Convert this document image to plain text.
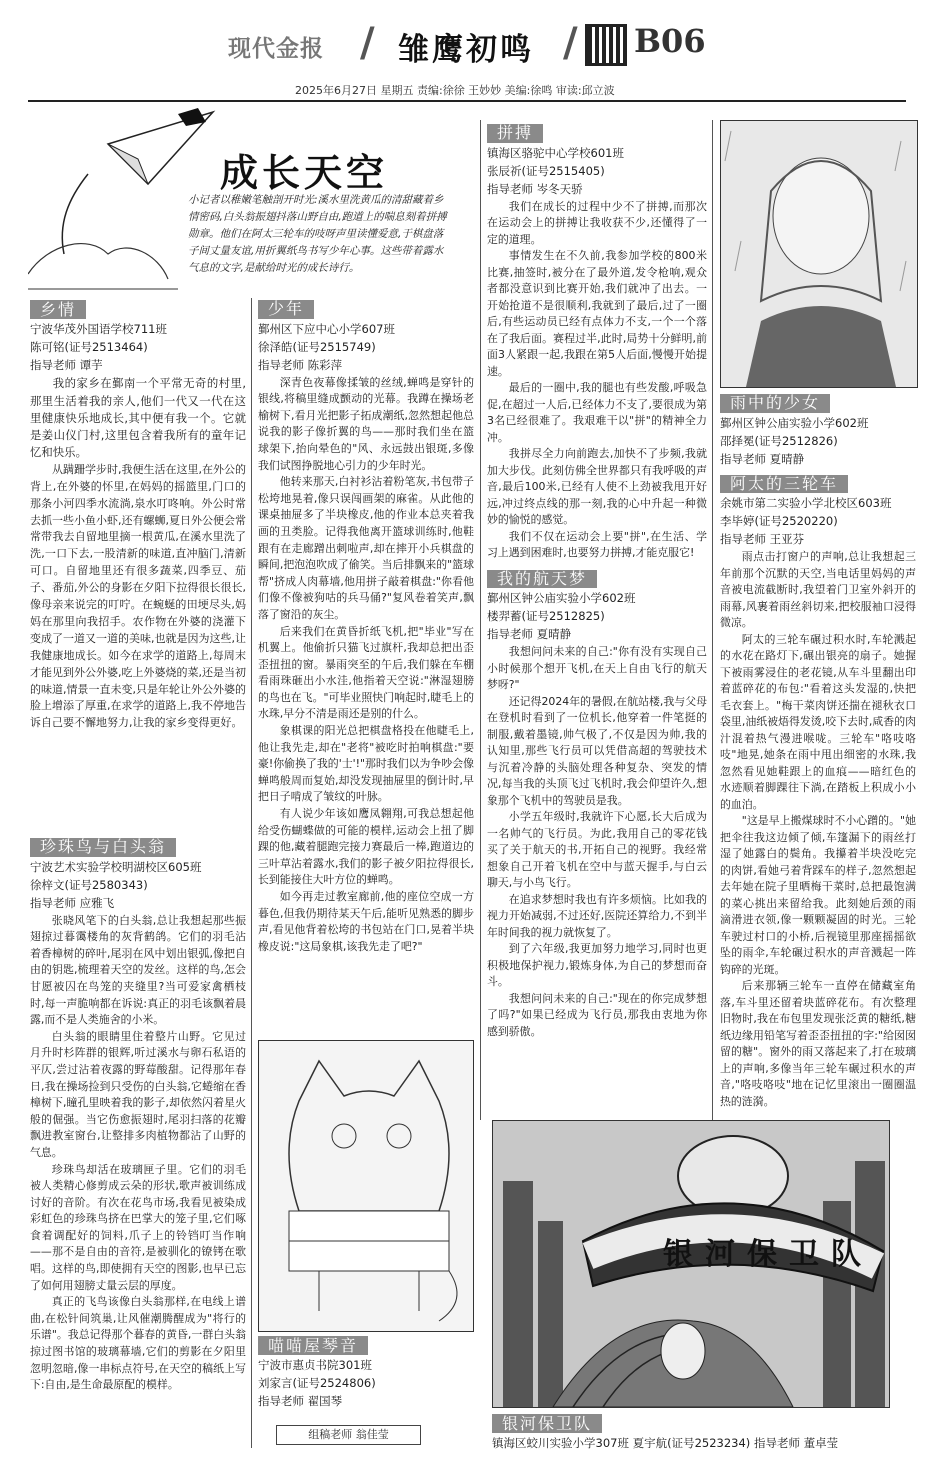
现代金报 / 雏鹰初鸣 / B06
2025年6月27日 星期五 责编:徐徐 王妙妙 美编:徐鸣 审读:邱立波
成长天空
小记者以稚嫩笔触剖开时光:溪水里洗黄瓜的清甜藏着乡情密码,白头翁振翅抖落山野自由,跑道上的喘息刻着拼搏勋章。他们在阿太三轮车的吱呀声里读懂爱意,于棋盘落子间丈量友谊,用折翼纸鸟书写少年心事。这些带着露水气息的文字,是献给时光的成长诗行。
乡情
宁波华茂外国语学校711班
陈可铭(证号2513464)
指导老师 谭芋

我的家乡在鄞南一个平常无奇的村里,那里生活着我的亲人,他们一代又一代在这里健康快乐地成长,其中便有我一个。它就是姜山仪门村,这里包含着我所有的童年记忆和快乐。

从蹒跚学步时,我便生活在这里,在外公的背上,在外婆的怀里,在妈妈的摇篮里,门口的那条小河四季水流淌,泉水叮咚响。外公时常去抓一些小鱼小虾,还有螺蛳,夏日外公便会常常带我去自留地里摘一根黄瓜,在溪水里洗了洗,一口下去,一股清新的味道,直冲脑门,清新可口。自留地里还有很多蔬菜,四季豆、茄子、番茄,外公的身影在夕阳下拉得很长很长,像母亲来说完的叮咛。在蜿蜒的田埂尽头,妈妈在那里向我招手。农作物在外婆的浇灌下变成了一道又一道的美味,也就是因为这些,让我健康地成长。如今在求学的道路上,每周末才能见到外公外婆,吃上外婆烧的菜,还是当初的味道,情景一直未变,只是年轮让外公外婆的脸上增添了厚重,在求学的道路上,我不停地告诉自己要不懈地努力,让我的家乡变得更好。

珍珠鸟与白头翁
宁波艺术实验学校明湖校区605班
徐梓文(证号2580343)
指导老师 应雅飞

张晓风笔下的白头翁,总让我想起那些振翅掠过暮霭楼角的灰背鹤鸽。它们的羽毛沾着香樟树的碎叶,尾羽在风中划出银弧,像把自由的钥匙,梳理着天空的发丝。这样的鸟,怎会甘愿被囚在鸟笼的夹缝里?当可爱家禽栖枝时,每一声脆响都在诉说:真正的羽毛该飘着晨露,而不是人类施舍的小米。

白头翁的眼睛里住着整片山野。它见过月升时杉阵群的银辉,听过溪水与卵石私语的平仄,尝过沾着夜露的野莓酸甜。记得那年春日,我在操场捡到只受伤的白头翁,它蜷缩在香樟树下,瞳孔里映着我的影子,却依然闪着星火般的倔强。当它伤愈振翅时,尾羽扫落的花瓣飘进教室窗台,让整排多肉植物都沾了山野的气息。

珍珠鸟却活在玻璃匣子里。它们的羽毛被人类精心修剪成云朵的形状,歌声被训练成讨好的音阶。有次在花鸟市场,我看见被染成彩虹色的珍珠鸟挤在巴掌大的笼子里,它们啄食着调配好的饲料,爪子上的铃铛叮当作响——那不是自由的音符,是被驯化的镣铐在歌唱。这样的鸟,即使拥有天空的图影,也早已忘了如何用翅膀丈量云层的厚度。

真正的飞鸟该像白头翁那样,在电线上谱曲,在松针间筑巢,让风催潮腾醒成为"将行的乐谱"。我总记得那个暮春的黄昏,一群白头翁掠过图书馆的玻璃幕墙,它们的剪影在夕阳里忽明忽暗,像一串标点符号,在天空的稿纸上写下:自由,是生命最原配的模样。

少年
鄞州区下应中心小学607班
徐泽皓(证号2515749)
指导老师 陈彩萍

深青色夜幕像揉皱的丝绒,蝉鸣是穿针的银线,将稿里缝成颤动的光幕。我蹲在操场老榆树下,看月光把影子拓成潮纸,忽然想起他总说我的影子像折翼的鸟——那时我们坐在篮球架下,抬向晕色的"风、永远鼓出银斑,多像我们试图挣脱地心引力的少年时光。

他转来那天,白衬衫沾着粉笔灰,书包带子松垮地晃着,像只误闯画架的麻雀。从此他的课桌抽屉多了半块橡皮,他的作业本总夹着我画的丑类脸。记得我他离开篮球训练时,他鞋跟有在走廊蹭出刺啦声,却在摔开小兵棋盘的瞬间,把泡泡吹成了偷笑。当后排飘来的"篮球帮"挤成人肉幕墙,他用拼子敲着棋盘:"你看他们像不像被狗咕的兵马俑?"复风卷着笑声,飘落了窗沿的灰尘。

后来我们在黄昏折纸飞机,把"毕业"写在机翼上。他偷折只猫飞过旗杆,我却总把出歪歪扭扭的窗。暴雨突至的午后,我们躲在车棚看雨珠砸出小水洼,他指着天空说:"淋湿翅膀的鸟也在飞。"可毕业照快门响起时,睫毛上的水珠,早分不清是雨还是别的什么。

象棋课的阳光总把棋盘格投在他睫毛上,他让我先走,却在"老将"被吃时拍响棋盘:"要豪!你偷换了我的'士'!"那时我们以为争吵会像蝉鸣般周而复始,却没发现抽屉里的倒计时,早把日子啃成了皱纹的叶脉。

有人说少年该如鹰凤翱翔,可我总想起他给受伤蝴蝶做的可能的模样,运动会上扭了脚踝的他,藏着腿跑完接力赛最后一棒,跑道边的三叶草沾着露水,我们的影子被夕阳拉得很长,长到能接住大叶方位的蝉鸣。

如今再走过教室廊前,他的座位空成一方暮色,但我仍期待某天午后,能听见熟悉的脚步声,看见他背着松垮的书包站在门口,晃着半块橡皮说:"这局象棋,该我先走了吧?"

喵喵屋琴音
宁波市惠贞书院301班
刘家言(证号2524806)
指导老师 翟国琴
组稿老师 翁佳莹
拼搏
镇海区骆驼中心学校601班
张辰祈(证号2515405)
指导老师 岑冬天骄

我们在成长的过程中少不了拼搏,而那次在运动会上的拼搏让我收获不少,还懂得了一定的道理。

事情发生在不久前,我参加学校的800米比赛,抽签时,被分在了最外道,发令枪响,观众者都没意识到比赛开始,我们就冲了出去。一开始抢道不是很顺利,我就到了最后,过了一圈后,有些运动员已经有点体力不支,一个一个落在了我后面。赛程过半,此时,局势十分鲜明,前面3人紧跟一起,我跟在第5人后面,慢慢开始提速。

最后的一圈中,我的腿也有些发酸,呼吸急促,在超过一人后,已经体力不支了,要很成为第3名已经很难了。我艰难干以"拼"的精神全力冲。

我拼尽全力向前跑去,加快不了步频,我就加大步伐。此刻仿佛全世界都只有我呼吸的声音,最后100米,已经有人使不上劲被我甩开好远,冲过终点线的那一刻,我的心中升起一种微妙的愉悦的感觉。

我们不仅在运动会上要"拼",在生活、学习上遇到困难时,也要努力拼搏,才能克服它!

我的航天梦
鄞州区钟公庙实验小学602班
楼羿蓄(证号2512825)
指导老师 夏晴静

我想问问未来的自己:"你有没有实现自己小时候那个想开飞机,在天上自由飞行的航天梦呀?"

还记得2024年的暑假,在航站楼,我与父母在登机时看到了一位机长,他穿着一件笔挺的制服,戴着墨镜,帅气极了,不仅是因为帅,我的认知里,那些飞行员可以凭借高超的驾驶技术与沉着冷静的头脑处理各种复杂、突发的情况,每当我的头顶飞过飞机时,我会仰望许久,想象那个飞机中的驾驶员是我。

小学五年级时,我就许下心愿,长大后成为一名帅气的飞行员。为此,我用自己的零花钱买了关于航天的书,开拓自己的视野。我经常想象自己开着飞机在空中与蓝天握手,与白云聊天,与小鸟飞行。

在追求梦想时我也有许多烦恼。比如我的视力开始减弱,不过还好,医院还算给力,不到半年时间我的视力就恢复了。

到了六年级,我更加努力地学习,同时也更积极地保护视力,锻炼身体,为自己的梦想而奋斗。

我想问问未来的自己:"现在的你完成梦想了吗?"如果已经成为飞行员,那我由衷地为你感到骄傲。

雨中的少女
鄞州区钟公庙实验小学602班
邵择冕(证号2512826)
指导老师 夏晴静
阿太的三轮车
余姚市第二实验小学北校区603班
李毕婷(证号2520220)
指导老师 王亚芬

雨点击打窗户的声响,总让我想起三年前那个沉默的天空,当电话里妈妈的声音被电流截断时,我望着门卫室外斜开的雨幕,风裹着雨丝斜切来,把校服袖口浸得微凉。

阿太的三轮车碾过积水时,车轮溅起的水花在路灯下,碾出银亮的扇子。她握下被雨雾浸住的老花镜,从车斗里翻出印着蓝碎花的布包:"看着这头发湿的,快把毛衣套上。"梅干菜肉饼还揣在褪秋衣口袋里,油纸被焐得发烫,咬下去时,咸香的肉汁混着热气漫进喉咙。三轮车"咯吱咯吱"地晃,她条在雨中甩出细密的水珠,我忽然看见她鞋跟上的血痕——暗红色的水迹顺着脚踝往下淌,在踏板上积成小小的血泊。

"这是早上搬煤球时不小心蹭的。"她把伞往我这边倾了倾,车篷漏下的雨丝打湿了她露白的鬓角。我攥着半块没吃完的肉饼,看她弓着背踩车的样子,忽然想起去年她在院子里晒梅干菜时,总把最饱满的菜心挑出来留给我。此刻她后颈的雨滴滑进衣领,像一颗颗凝固的时光。三轮车驶过村口的小桥,后视镜里那座摇摇欲坠的雨伞,车轮碾过积水的声音溅起一阵钩碎的光斑。

后来那辆三轮车一直停在储藏室角落,车斗里还留着块蓝碎花布。有次整理旧物时,我在布包里发现张泛黄的糖纸,糖纸边缘用铅笔写着歪歪扭扭的字:"给囡囡留的糖"。窗外的雨又落起来了,打在玻璃上的声响,多像当年三轮车碾过积水的声音,"咯吱咯吱"地在记忆里滚出一圈圈温热的涟漪。

银河保卫队
银河保卫队
镇海区蛟川实验小学307班 夏宇航(证号2523234) 指导老师 董卓莹
